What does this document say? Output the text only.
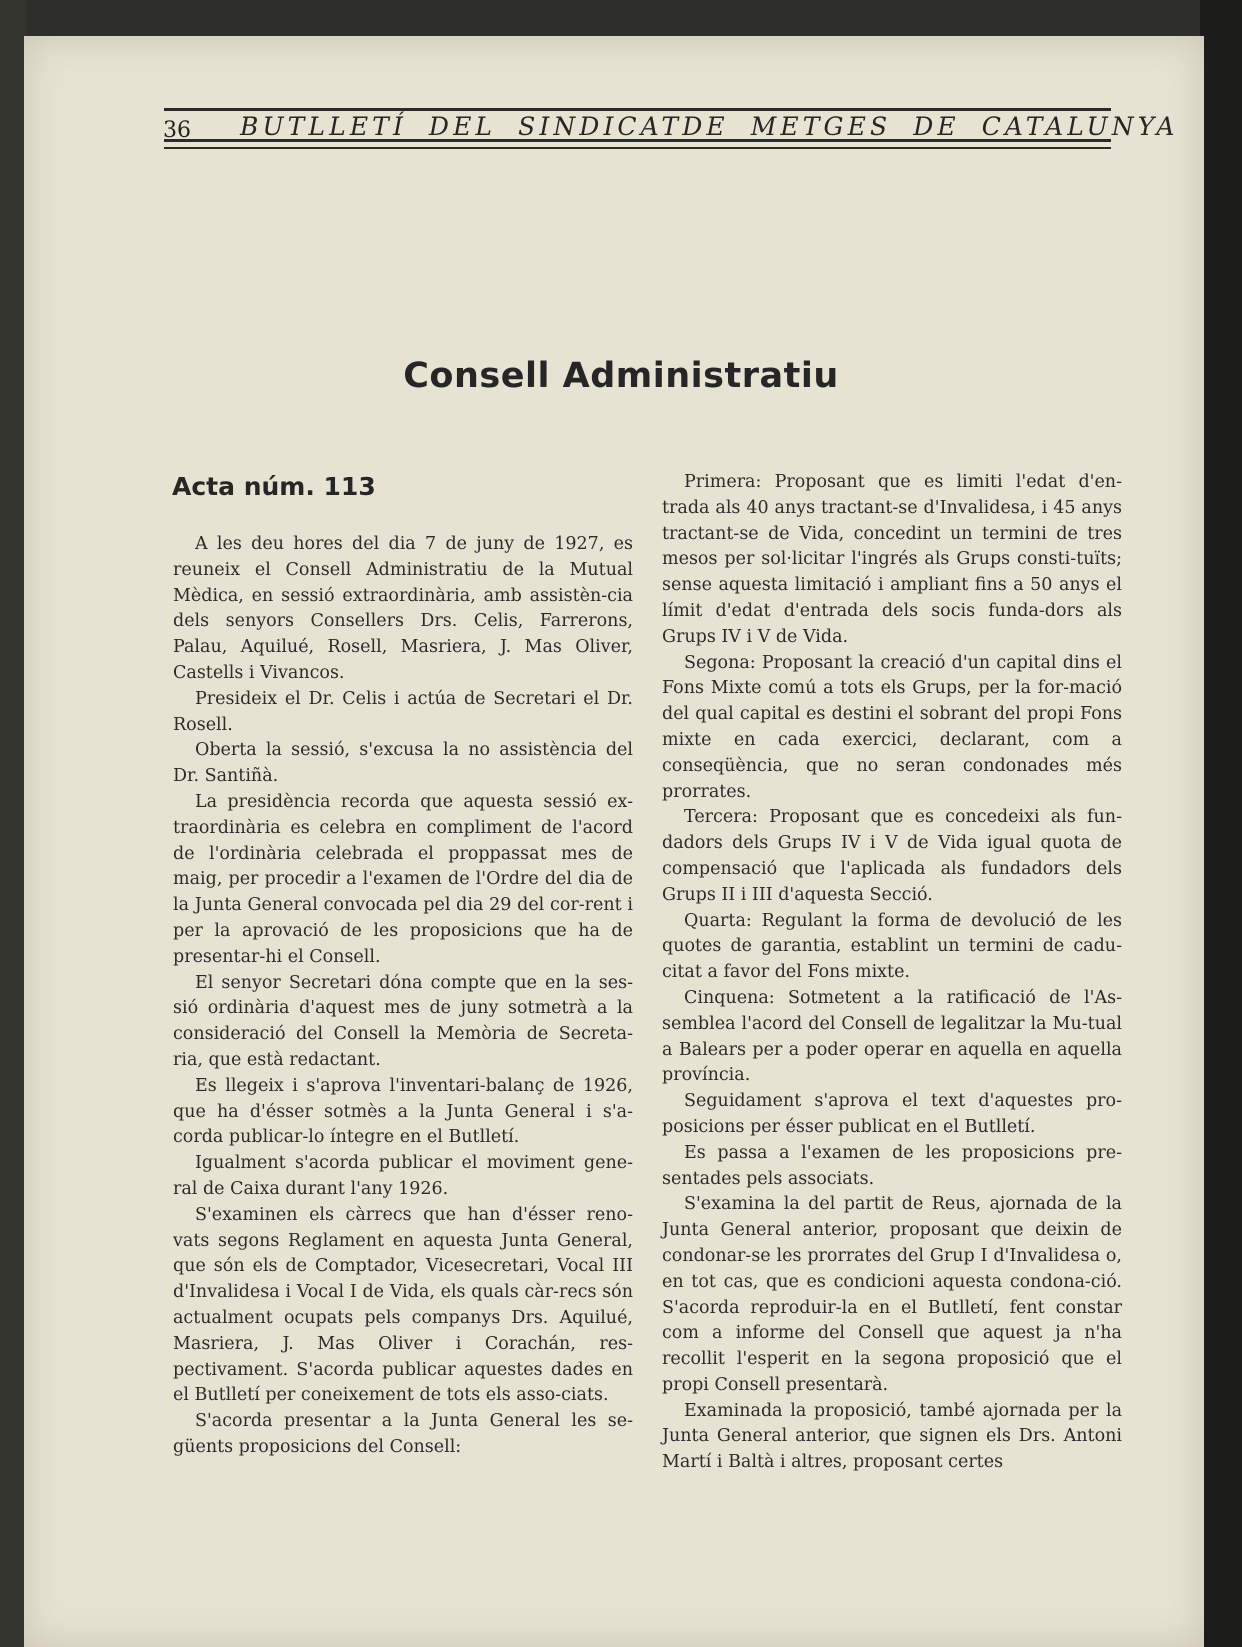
36 BUTLLETÍ DEL SINDICATDE METGES DE CATALUNYA
Consell Administratiu
Acta núm. 113

A les deu hores del dia 7 de juny de 1927, es reuneix el Consell Administratiu de la Mutual Mèdica, en sessió extraordinària, amb assistèn-cia dels senyors Consellers Drs. Celis, Farrerons, Palau, Aquilué, Rosell, Masriera, J. Mas Oliver, Castells i Vivancos.

Presideix el Dr. Celis i actúa de Secretari el Dr. Rosell.

Oberta la sessió, s'excusa la no assistència del Dr. Santiñà.

La presidència recorda que aquesta sessió ex-traordinària es celebra en compliment de l'acord de l'ordinària celebrada el proppassat mes de maig, per procedir a l'examen de l'Ordre del dia de la Junta General convocada pel dia 29 del cor-rent i per la aprovació de les proposicions que ha de presentar-hi el Consell.

El senyor Secretari dóna compte que en la ses-sió ordinària d'aquest mes de juny sotmetrà a la consideració del Consell la Memòria de Secreta-ria, que està redactant.

Es llegeix i s'aprova l'inventari-balanç de 1926, que ha d'ésser sotmès a la Junta General i s'a-corda publicar-lo íntegre en el Butlletí.

Igualment s'acorda publicar el moviment gene-ral de Caixa durant l'any 1926.

S'examinen els càrrecs que han d'ésser reno-vats segons Reglament en aquesta Junta General, que són els de Comptador, Vicesecretari, Vocal III d'Invalidesa i Vocal I de Vida, els quals càr-recs són actualment ocupats pels companys Drs. Aquilué, Masriera, J. Mas Oliver i Corachán, res-pectivament. S'acorda publicar aquestes dades en el Butlletí per coneixement de tots els asso-ciats.

S'acorda presentar a la Junta General les se-güents proposicions del Consell:

Primera: Proposant que es limiti l'edat d'en-trada als 40 anys tractant-se d'Invalidesa, i 45 anys tractant-se de Vida, concedint un termini de tres mesos per sol·licitar l'ingrés als Grups consti-tuïts; sense aquesta limitació i ampliant fins a 50 anys el límit d'edat d'entrada dels socis funda-dors als Grups IV i V de Vida.

Segona: Proposant la creació d'un capital dins el Fons Mixte comú a tots els Grups, per la for-mació del qual capital es destini el sobrant del propi Fons mixte en cada exercici, declarant, com a conseqüència, que no seran condonades més prorrates.

Tercera: Proposant que es concedeixi als fun-dadors dels Grups IV i V de Vida igual quota de compensació que l'aplicada als fundadors dels Grups II i III d'aquesta Secció.

Quarta: Regulant la forma de devolució de les quotes de garantia, establint un termini de cadu-citat a favor del Fons mixte.

Cinquena: Sotmetent a la ratificació de l'As-semblea l'acord del Consell de legalitzar la Mu-tual a Balears per a poder operar en aquella en aquella província.

Seguidament s'aprova el text d'aquestes pro-posicions per ésser publicat en el Butlletí.

Es passa a l'examen de les proposicions pre-sentades pels associats.

S'examina la del partit de Reus, ajornada de la Junta General anterior, proposant que deixin de condonar-se les prorrates del Grup I d'Invalidesa o, en tot cas, que es condicioni aquesta condona-ció. S'acorda reproduir-la en el Butlletí, fent constar com a informe del Consell que aquest ja n'ha recollit l'esperit en la segona proposició que el propi Consell presentarà.

Examinada la proposició, també ajornada per la Junta General anterior, que signen els Drs. Antoni Martí i Baltà i altres, proposant certes
